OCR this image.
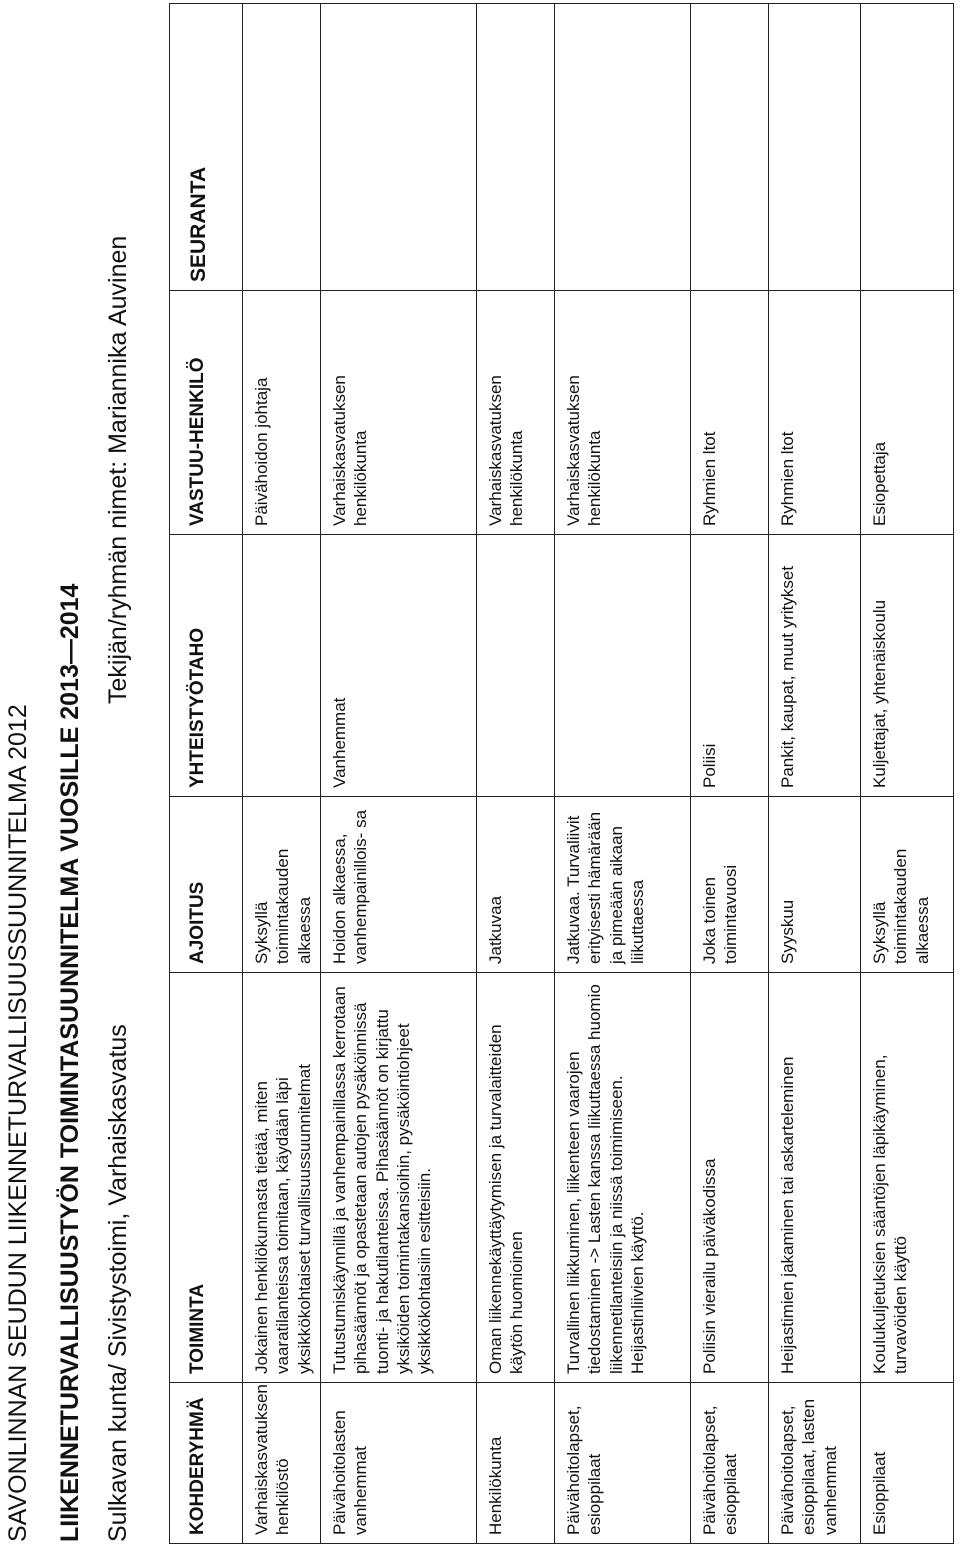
SAVONLINNAN SEUDUN LIIKENNETURVALLISUUSSUUNNITELMA 2012 LIIKENNETURVALLISUUSTYÖN TOIMINTASUUNNITELMA VUOSILLE 2013—2014 Sulkavan kunta/ Sivistystoimi, Varhaiskasvatus
Tekijän/ryhmän nimet: Mariannika Auvinen
KOHDERYHMÄ	TOIMINTA	AJOITUS	YHTEISTYÖTAHO	VASTUU-HENKILÖ	SEURANTA
Varhaiskasvatuksen henkilöstö	Jokainen henkilökunnasta tietää, miten vaaratilanteissa toimitaan, käydään läpi yksikkökohtaiset turvallisuussuunnitelmat	Syksyllä toimintakauden alkaessa		Päivähoidon johtaja	
Päivähoitolasten vanhemmat	Tutustumiskäynnillä ja vanhempainillassa kerrotaan pihasäännöt ja opastetaan autojen pysäköinnissä tuonti- ja hakutilanteissa. Pihasäännöt on kirjattu yksiköiden toimintakansioihin, pysäköintiohjeet yksikkökohtaisiin esitteisiin.	Hoidon alkaessa, vanhempainillois- sa	Vanhemmat	Varhaiskasvatuksen henkilökunta	
Henkilökunta	Oman liikennekäyttäytymisen ja turvalaitteiden käytön huomioinen	Jatkuvaa		Varhaiskasvatuksen henkilökunta	
Päivähoitolapset, esioppilaat	Turvallinen liikkuminen, liikenteen vaarojen tiedostaminen -> Lasten kanssa liikuttaessa huomio liikennetilanteisiin ja niissä toimimiseen. Heijastinliivien käyttö.	Jatkuvaa. Turvaliivit erityisesti hämärään ja pimeään aikaan liikuttaessa		Varhaiskasvatuksen henkilökunta	
Päivähoitolapset, esioppilaat	Poliisin vierailu päiväkodissa	Joka toinen toimintavuosi	Poliisi	Ryhmien ltot	
Päivähoitolapset, esioppilaat, lasten vanhemmat	Heijastimien jakaminen tai askarteleminen	Syyskuu	Pankit, kaupat, muut yritykset	Ryhmien ltot	
Esioppilaat	Koulukuljetuksien sääntöjen läpikäyminen, turvavöiden käyttö	Syksyllä toimintakauden alkaessa	Kuljettajat, yhtenäiskoulu	Esiopettaja	
